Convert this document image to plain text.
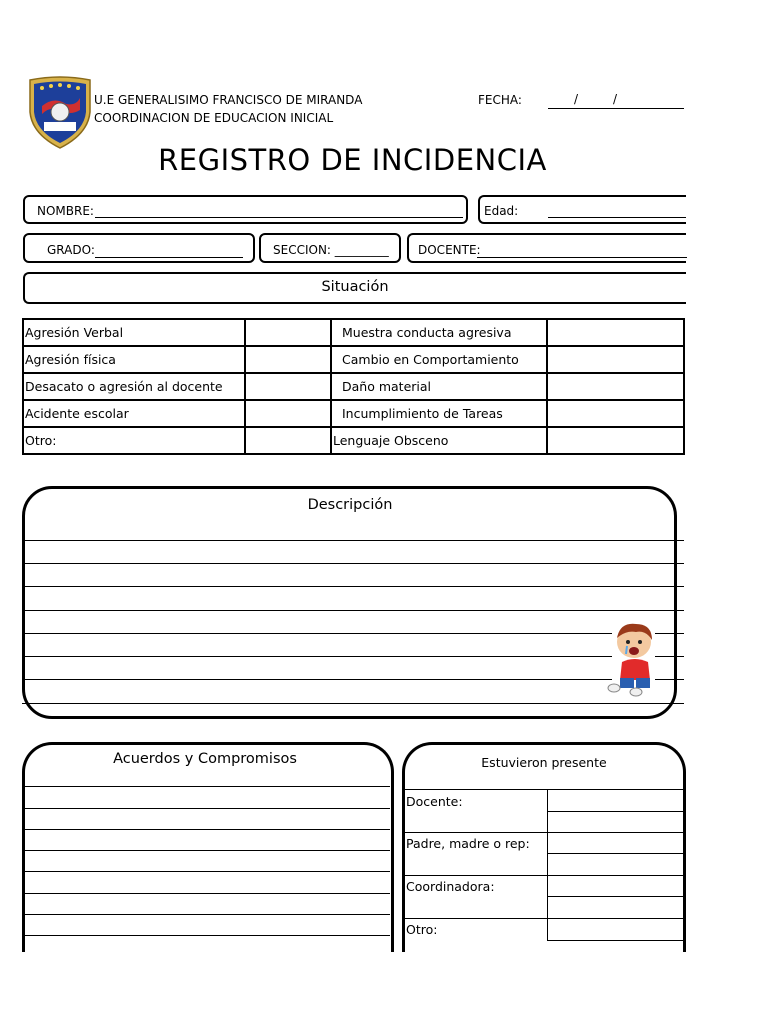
U.E GENERALISIMO FRANCISCO DE MIRANDA
COORDINACION DE EDUCACION INICIAL
FECHA:	/	/
REGISTRO DE INCIDENCIA
NOMBRE:	Edad:
GRADO:	SECCION: _________ DOCENTE:
Situación
Agresión Verbal		Muestra conducta agresiva	
Agresión física		Cambio en Comportamiento	
Desacato o agresión al docente		Daño material	
Acidente escolar		Incumplimiento de Tareas	
Otro:		Lenguaje Obsceno	
Descripción
Acuerdos y Compromisos	Estuvieron presente
Docente:
Padre, madre o rep:
Coordinadora:
Otro:
